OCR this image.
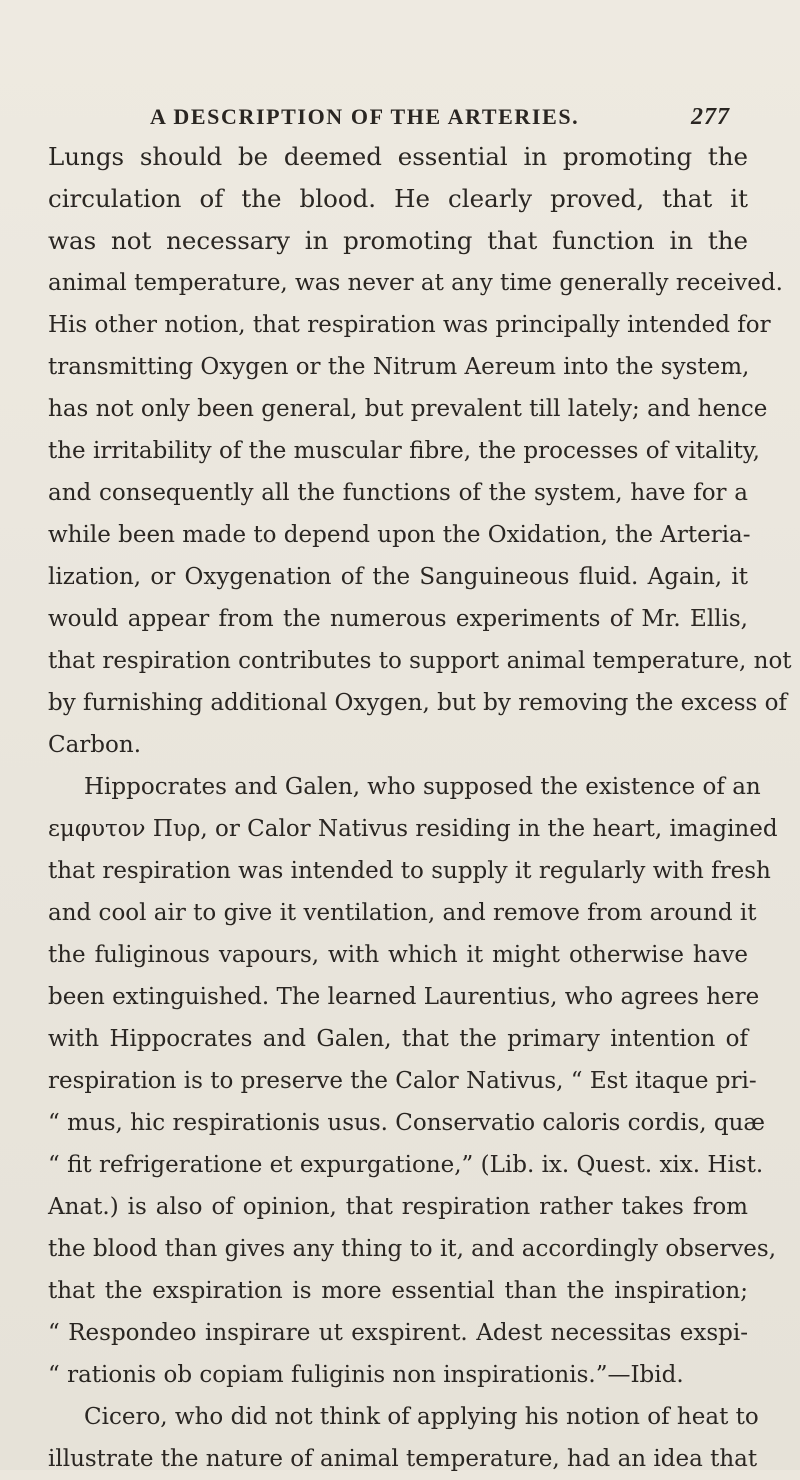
A DESCRIPTION OF THE ARTERIES.	277
Lungs should be deemed essential in promoting the
circulation of the blood. He clearly proved, that it
was not necessary in promoting that function in the
animal temperature, was never at any time generally received.
His other notion, that respiration was principally intended for
transmitting Oxygen or the Nitrum Aereum into the system,
has not only been general, but prevalent till lately; and hence
the irritability of the muscular fibre, the processes of vitality,
and consequently all the functions of the system, have for a
while been made to depend upon the Oxidation, the Arteria-
lization, or Oxygenation of the Sanguineous fluid. Again, it
would appear from the numerous experiments of Mr. Ellis,
that respiration contributes to support animal temperature, not
by furnishing additional Oxygen, but by removing the excess of
Carbon.
Hippocrates and Galen, who supposed the existence of an
εμφυτον Πυρ, or Calor Nativus residing in the heart, imagined
that respiration was intended to supply it regularly with fresh
and cool air to give it ventilation, and remove from around it
the fuliginous vapours, with which it might otherwise have
been extinguished. The learned Laurentius, who agrees here
with Hippocrates and Galen, that the primary intention of
respiration is to preserve the Calor Nativus, “ Est itaque pri-
“ mus, hic respirationis usus. Conservatio caloris cordis, quæ
“ fit refrigeratione et expurgatione,” (Lib. ix. Quest. xix. Hist.
Anat.) is also of opinion, that respiration rather takes from
the blood than gives any thing to it, and accordingly observes,
that the exspiration is more essential than the inspiration;
“ Respondeo inspirare ut exspirent. Adest necessitas exspi-
“ rationis ob copiam fuliginis non inspirationis.”—Ibid.
Cicero, who did not think of applying his notion of heat to
illustrate the nature of animal temperature, had an idea that
